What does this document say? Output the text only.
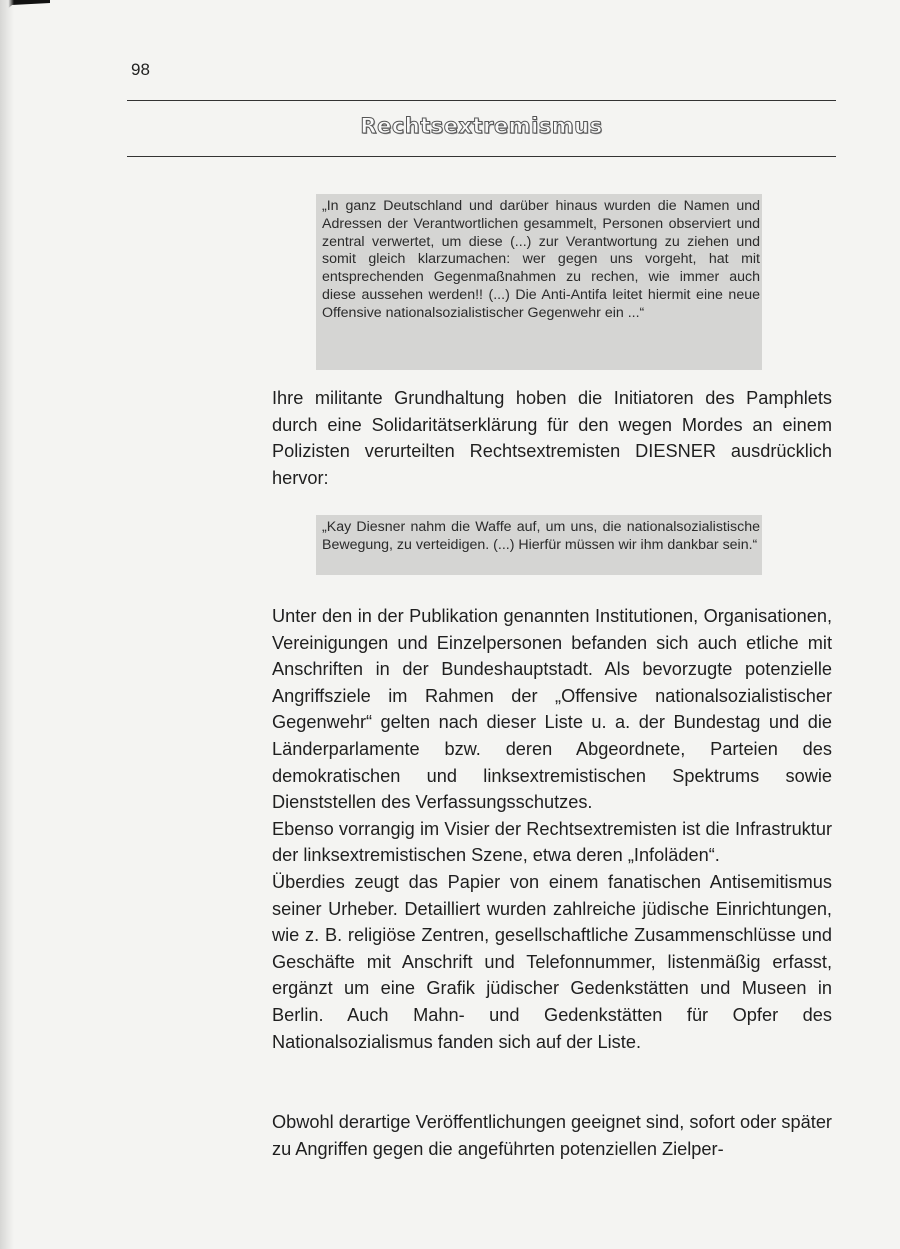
98
Rechtsextremismus
„In ganz Deutschland und darüber hinaus wurden die Namen und Adressen der Verantwortlichen gesammelt, Personen observiert und zentral verwertet, um diese (...) zur Verantwortung zu ziehen und somit gleich klarzumachen: wer gegen uns vorgeht, hat mit entsprechenden Gegenmaßnahmen zu rechen, wie immer auch diese aussehen werden!! (...) Die Anti-Antifa leitet hiermit eine neue Offensive nationalsozialistischer Gegenwehr ein ...“
Ihre militante Grundhaltung hoben die Initiatoren des Pamphlets durch eine Solidaritätserklärung für den wegen Mordes an einem Polizisten verurteilten Rechtsextremisten DIESNER ausdrücklich hervor:
„Kay Diesner nahm die Waffe auf, um uns, die nationalsozialistische Bewegung, zu verteidigen. (...) Hierfür müssen wir ihm dankbar sein.“
Unter den in der Publikation genannten Institutionen, Organisationen, Vereinigungen und Einzelpersonen befanden sich auch etliche mit Anschriften in der Bundeshauptstadt. Als bevorzugte potenzielle Angriffsziele im Rahmen der „Offensive nationalsozialistischer Gegenwehr“ gelten nach dieser Liste u. a. der Bundestag und die Länderparlamente bzw. deren Abgeordnete, Parteien des demokratischen und linksextremistischen Spektrums sowie Dienststellen des Verfassungsschutzes.
Ebenso vorrangig im Visier der Rechtsextremisten ist die Infrastruktur der linksextremistischen Szene, etwa deren „Infoläden“.
Überdies zeugt das Papier von einem fanatischen Antisemitismus seiner Urheber. Detailliert wurden zahlreiche jüdische Einrichtungen, wie z. B. religiöse Zentren, gesellschaftliche Zusammenschlüsse und Geschäfte mit Anschrift und Telefonnummer, listenmäßig erfasst, ergänzt um eine Grafik jüdischer Gedenkstätten und Museen in Berlin. Auch Mahn- und Gedenkstätten für Opfer des Nationalsozialismus fanden sich auf der Liste.
Obwohl derartige Veröffentlichungen geeignet sind, sofort oder später zu Angriffen gegen die angeführten potenziellen Zielper-
